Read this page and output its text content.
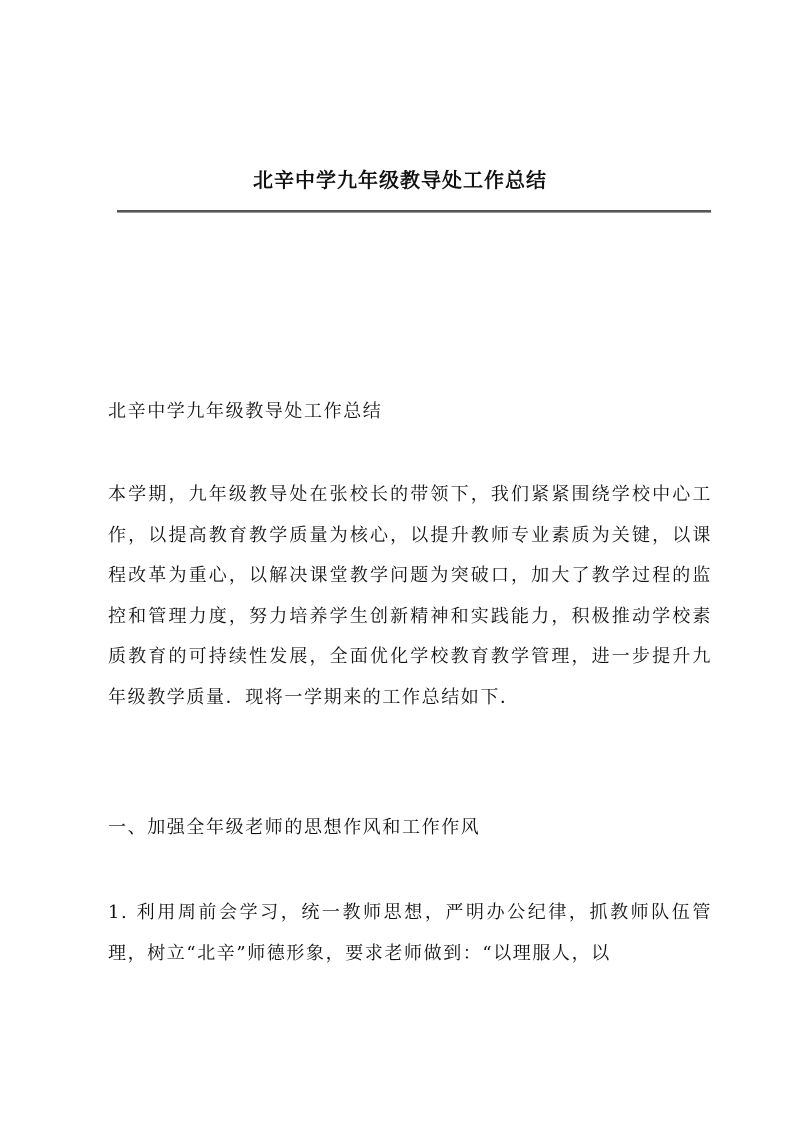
北辛中学九年级教导处工作总结

北辛中学九年级教导处工作总结

本学期，九年级教导处在张校长的带领下，我们紧紧围绕学校中心工作，以提高教育教学质量为核心，以提升教师专业素质为关键，以课程改革为重心，以解决课堂教学问题为突破口，加大了教学过程的监控和管理力度，努力培养学生创新精神和实践能力，积极推动学校素质教育的可持续性发展，全面优化学校教育教学管理，进一步提升九年级教学质量．现将一学期来的工作总结如下．

一、加强全年级老师的思想作风和工作作风

1. 利用周前会学习，统一教师思想，严明办公纪律，抓教师队伍管理，树立“北辛”师德形象，要求老师做到：“以理服人，以
